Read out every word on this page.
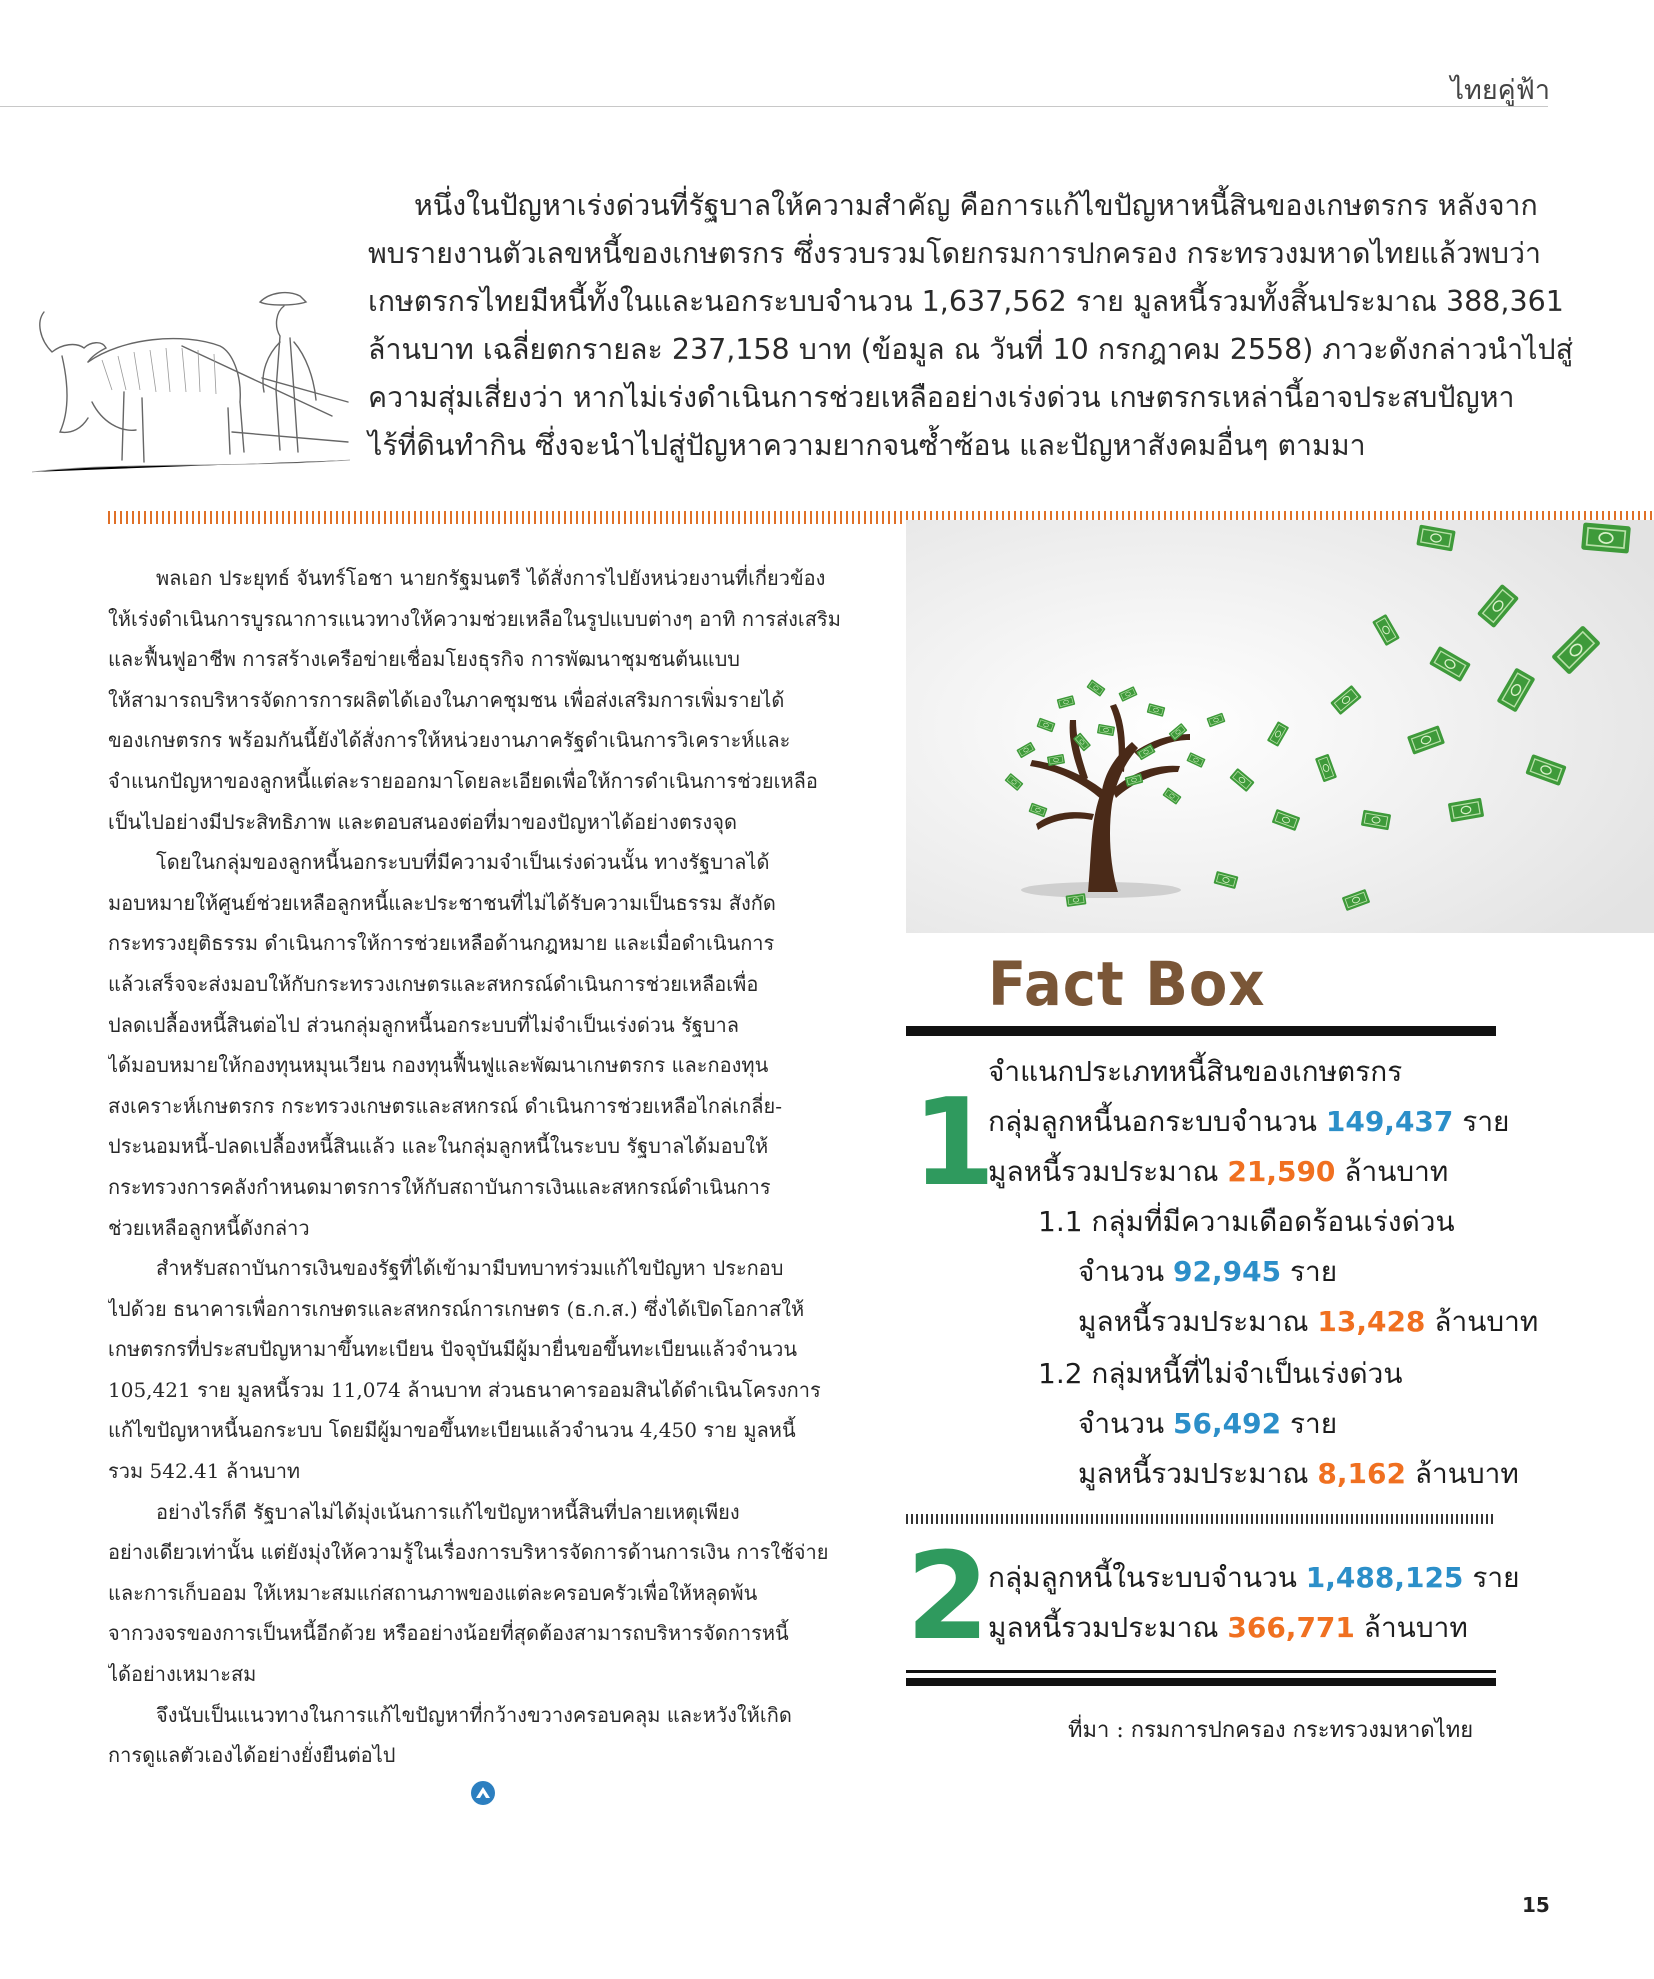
ไทยคู่ฟ้า
หนึ่งในปัญหาเร่งด่วนที่รัฐบาลให้ความสำคัญ คือการแก้ไขปัญหาหนี้สินของเกษตรกร หลังจาก
พบรายงานตัวเลขหนี้ของเกษตรกร ซึ่งรวบรวมโดยกรมการปกครอง กระทรวงมหาดไทยแล้วพบว่า
เกษตรกรไทยมีหนี้ทั้งในและนอกระบบจำนวน 1,637,562 ราย มูลหนี้รวมทั้งสิ้นประมาณ 388,361
ล้านบาท เฉลี่ยตกรายละ 237,158 บาท (ข้อมูล ณ วันที่ 10 กรกฎาคม 2558) ภาวะดังกล่าวนำไปสู่
ความสุ่มเสี่ยงว่า หากไม่เร่งดำเนินการช่วยเหลืออย่างเร่งด่วน เกษตรกรเหล่านี้อาจประสบปัญหา
ไร้ที่ดินทำกิน ซึ่งจะนำไปสู่ปัญหาความยากจนซ้ำซ้อน และปัญหาสังคมอื่นๆ ตามมา
พลเอก ประยุทธ์ จันทร์โอชา นายกรัฐมนตรี ได้สั่งการไปยังหน่วยงานที่เกี่ยวข้อง
ให้เร่งดำเนินการบูรณาการแนวทางให้ความช่วยเหลือในรูปแบบต่างๆ อาทิ การส่งเสริม
และฟื้นฟูอาชีพ การสร้างเครือข่ายเชื่อมโยงธุรกิจ การพัฒนาชุมชนต้นแบบ
ให้สามารถบริหารจัดการการผลิตได้เองในภาคชุมชน เพื่อส่งเสริมการเพิ่มรายได้
ของเกษตรกร พร้อมกันนี้ยังได้สั่งการให้หน่วยงานภาครัฐดำเนินการวิเคราะห์และ
จำแนกปัญหาของลูกหนี้แต่ละรายออกมาโดยละเอียดเพื่อให้การดำเนินการช่วยเหลือ
เป็นไปอย่างมีประสิทธิภาพ และตอบสนองต่อที่มาของปัญหาได้อย่างตรงจุด
โดยในกลุ่มของลูกหนี้นอกระบบที่มีความจำเป็นเร่งด่วนนั้น ทางรัฐบาลได้
มอบหมายให้ศูนย์ช่วยเหลือลูกหนี้และประชาชนที่ไม่ได้รับความเป็นธรรม สังกัด
กระทรวงยุติธรรม ดำเนินการให้การช่วยเหลือด้านกฎหมาย และเมื่อดำเนินการ
แล้วเสร็จจะส่งมอบให้กับกระทรวงเกษตรและสหกรณ์ดำเนินการช่วยเหลือเพื่อ
ปลดเปลื้องหนี้สินต่อไป ส่วนกลุ่มลูกหนี้นอกระบบที่ไม่จำเป็นเร่งด่วน รัฐบาล
ได้มอบหมายให้กองทุนหมุนเวียน กองทุนฟื้นฟูและพัฒนาเกษตรกร และกองทุน
สงเคราะห์เกษตรกร กระทรวงเกษตรและสหกรณ์ ดำเนินการช่วยเหลือไกล่เกลี่ย-
ประนอมหนี้-ปลดเปลื้องหนี้สินแล้ว และในกลุ่มลูกหนี้ในระบบ รัฐบาลได้มอบให้
กระทรวงการคลังกำหนดมาตรการให้กับสถาบันการเงินและสหกรณ์ดำเนินการ
ช่วยเหลือลูกหนี้ดังกล่าว
สำหรับสถาบันการเงินของรัฐที่ได้เข้ามามีบทบาทร่วมแก้ไขปัญหา ประกอบ
ไปด้วย ธนาคารเพื่อการเกษตรและสหกรณ์การเกษตร (ธ.ก.ส.) ซึ่งได้เปิดโอกาสให้
เกษตรกรที่ประสบปัญหามาขึ้นทะเบียน ปัจจุบันมีผู้มายื่นขอขึ้นทะเบียนแล้วจำนวน
105,421 ราย มูลหนี้รวม 11,074 ล้านบาท ส่วนธนาคารออมสินได้ดำเนินโครงการ
แก้ไขปัญหาหนี้นอกระบบ โดยมีผู้มาขอขึ้นทะเบียนแล้วจำนวน 4,450 ราย มูลหนี้
รวม 542.41 ล้านบาท
อย่างไรก็ดี รัฐบาลไม่ได้มุ่งเน้นการแก้ไขปัญหาหนี้สินที่ปลายเหตุเพียง
อย่างเดียวเท่านั้น แต่ยังมุ่งให้ความรู้ในเรื่องการบริหารจัดการด้านการเงิน การใช้จ่าย
และการเก็บออม ให้เหมาะสมแก่สถานภาพของแต่ละครอบครัวเพื่อให้หลุดพ้น
จากวงจรของการเป็นหนี้อีกด้วย หรืออย่างน้อยที่สุดต้องสามารถบริหารจัดการหนี้
ได้อย่างเหมาะสม
จึงนับเป็นแนวทางในการแก้ไขปัญหาที่กว้างขวางครอบคลุม และหวังให้เกิด
การดูแลตัวเองได้อย่างยั่งยืนต่อไป
Fact Box
1

จำแนกประเภทหนี้สินของเกษตรกร

กลุ่มลูกหนี้นอกระบบจำนวน 149,437 ราย

มูลหนี้รวมประมาณ 21,590 ล้านบาท

1.1 กลุ่มที่มีความเดือดร้อนเร่งด่วน

จำนวน 92,945 ราย

มูลหนี้รวมประมาณ 13,428 ล้านบาท

1.2 กลุ่มหนี้ที่ไม่จำเป็นเร่งด่วน

จำนวน 56,492 ราย

มูลหนี้รวมประมาณ 8,162 ล้านบาท

2

กลุ่มลูกหนี้ในระบบจำนวน 1,488,125 ราย

มูลหนี้รวมประมาณ 366,771 ล้านบาท

ที่มา : กรมการปกครอง กระทรวงมหาดไทย

15
